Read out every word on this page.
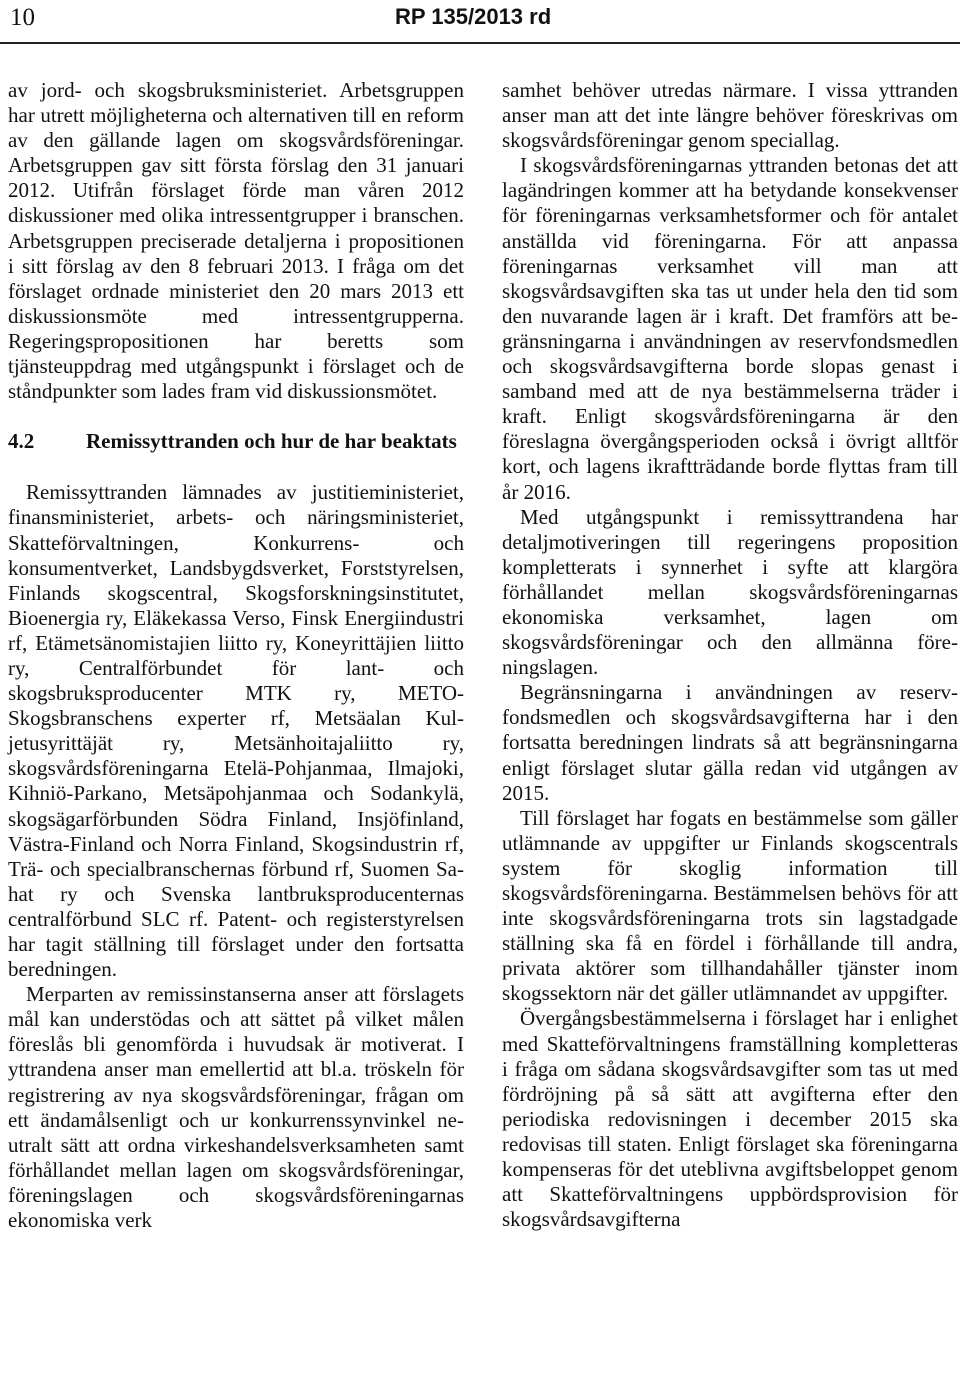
10	RP 135/2013 rd

av jord- och skogsbruksministeriet. Arbetsgruppen har utrett möjligheterna och alternativen till en reform av den gällande lagen om skogsvårdsföreningar. Arbetsgruppen gav sitt första förslag den 31 januari 2012. Utifrån förslaget förde man våren 2012 diskussioner med olika intressentgrupper i branschen. Arbetsgruppen preciserade detaljerna i propositionen i sitt förslag av den 8 februari 2013. I fråga om det förslaget ordnade ministeriet den 20 mars 2013 ett diskussionsmöte med intressentgrupperna. Regeringspropositionen har beretts som tjänsteuppdrag med utgångspunkt i förslaget och de ståndpunkter som lades fram vid diskussionsmötet.

4.2	Remissyttranden och hur de har beaktats

Remissyttranden lämnades av justitieministeriet, finansministeriet, arbets- och näringsministeriet, Skatteförvaltningen, Konkurrens- och konsumentverket, Landsbygdsverket, Forststyrelsen, Finlands skogscentral, Skogsforskningsinstitutet, Bioenergia ry, Eläkekassa Verso, Finsk Energiindustri rf, Etämetsänomistajien liitto ry, Koneyrittäjien liitto ry, Centralförbundet för lant- och skogsbruksproducenter MTK ry, METO-Skogsbranschens experter rf, Metsäalan Kuljetusyrittäjät ry, Metsänhoitajaliitto ry, skogsvårdsföreningarna Etelä-Pohjanmaa, Ilmajoki, Kihniö-Parkano, Metsäpohjanmaa och Sodankylä, skogsägarförbunden Södra Finland, Insjöfinland, Västra-Finland och Norra Finland, Skogsindustrin rf, Trä- och specialbranschernas förbund rf, Suomen Sahat ry och Svenska lantbruksproducenternas centralförbund SLC rf. Patent- och registerstyrelsen har tagit ställning till förslaget under den fortsatta beredningen.

Merparten av remissinstanserna anser att förslagets mål kan understödas och att sättet på vilket målen föreslås bli genomförda i huvudsak är motiverat. I yttrandena anser man emellertid att bl.a. tröskeln för registrering av nya skogsvårdsföreningar, frågan om ett ändamålsenligt och ur konkurrenssynvinkel neutralt sätt att ordna virkeshandelsverksamheten samt förhållandet mellan lagen om skogsvårdsföreningar, föreningslagen och skogsvårdsföreningarnas ekonomiska verk

samhet behöver utredas närmare. I vissa yttranden anser man att det inte längre behöver föreskrivas om skogsvårdsföreningar genom speciallag.

I skogsvårdsföreningarnas yttranden betonas det att lagändringen kommer att ha betydande konsekvenser för föreningarnas verksamhetsformer och för antalet anställda vid föreningarna. För att anpassa föreningarnas verksamhet vill man att skogsvårdsavgiften ska tas ut under hela den tid som den nuvarande lagen är i kraft. Det framförs att begränsningarna i användningen av reservfondsmedlen och skogsvårdsavgifterna borde slopas genast i samband med att de nya bestämmelserna träder i kraft. Enligt skogsvårdsföreningarna är den föreslagna övergångsperioden också i övrigt alltför kort, och lagens ikraftträdande borde flyttas fram till år 2016.

Med utgångspunkt i remissyttrandena har detaljmotiveringen till regeringens proposition kompletterats i synnerhet i syfte att klargöra förhållandet mellan skogsvårdsföreningarnas ekonomiska verksamhet, lagen om skogsvårdsföreningar och den allmänna föreningslagen.

Begränsningarna i användningen av reservfondsmedlen och skogsvårdsavgifterna har i den fortsatta beredningen lindrats så att begränsningarna enligt förslaget slutar gälla redan vid utgången av 2015.

Till förslaget har fogats en bestämmelse som gäller utlämnande av uppgifter ur Finlands skogscentrals system för skoglig information till skogsvårdsföreningarna. Bestämmelsen behövs för att inte skogsvårdsföreningarna trots sin lagstadgade ställning ska få en fördel i förhållande till andra, privata aktörer som tillhandahåller tjänster inom skogssektorn när det gäller utlämnandet av uppgifter.

Övergångsbestämmelserna i förslaget har i enlighet med Skatteförvaltningens framställning kompletteras i fråga om sådana skogsvårdsavgifter som tas ut med fördröjning på så sätt att avgifterna efter den periodiska redovisningen i december 2015 ska redovisas till staten. Enligt förslaget ska föreningarna kompenseras för det uteblivna avgiftsbeloppet genom att Skatteförvaltningens uppbördsprovision för skogsvårdsavgifterna
